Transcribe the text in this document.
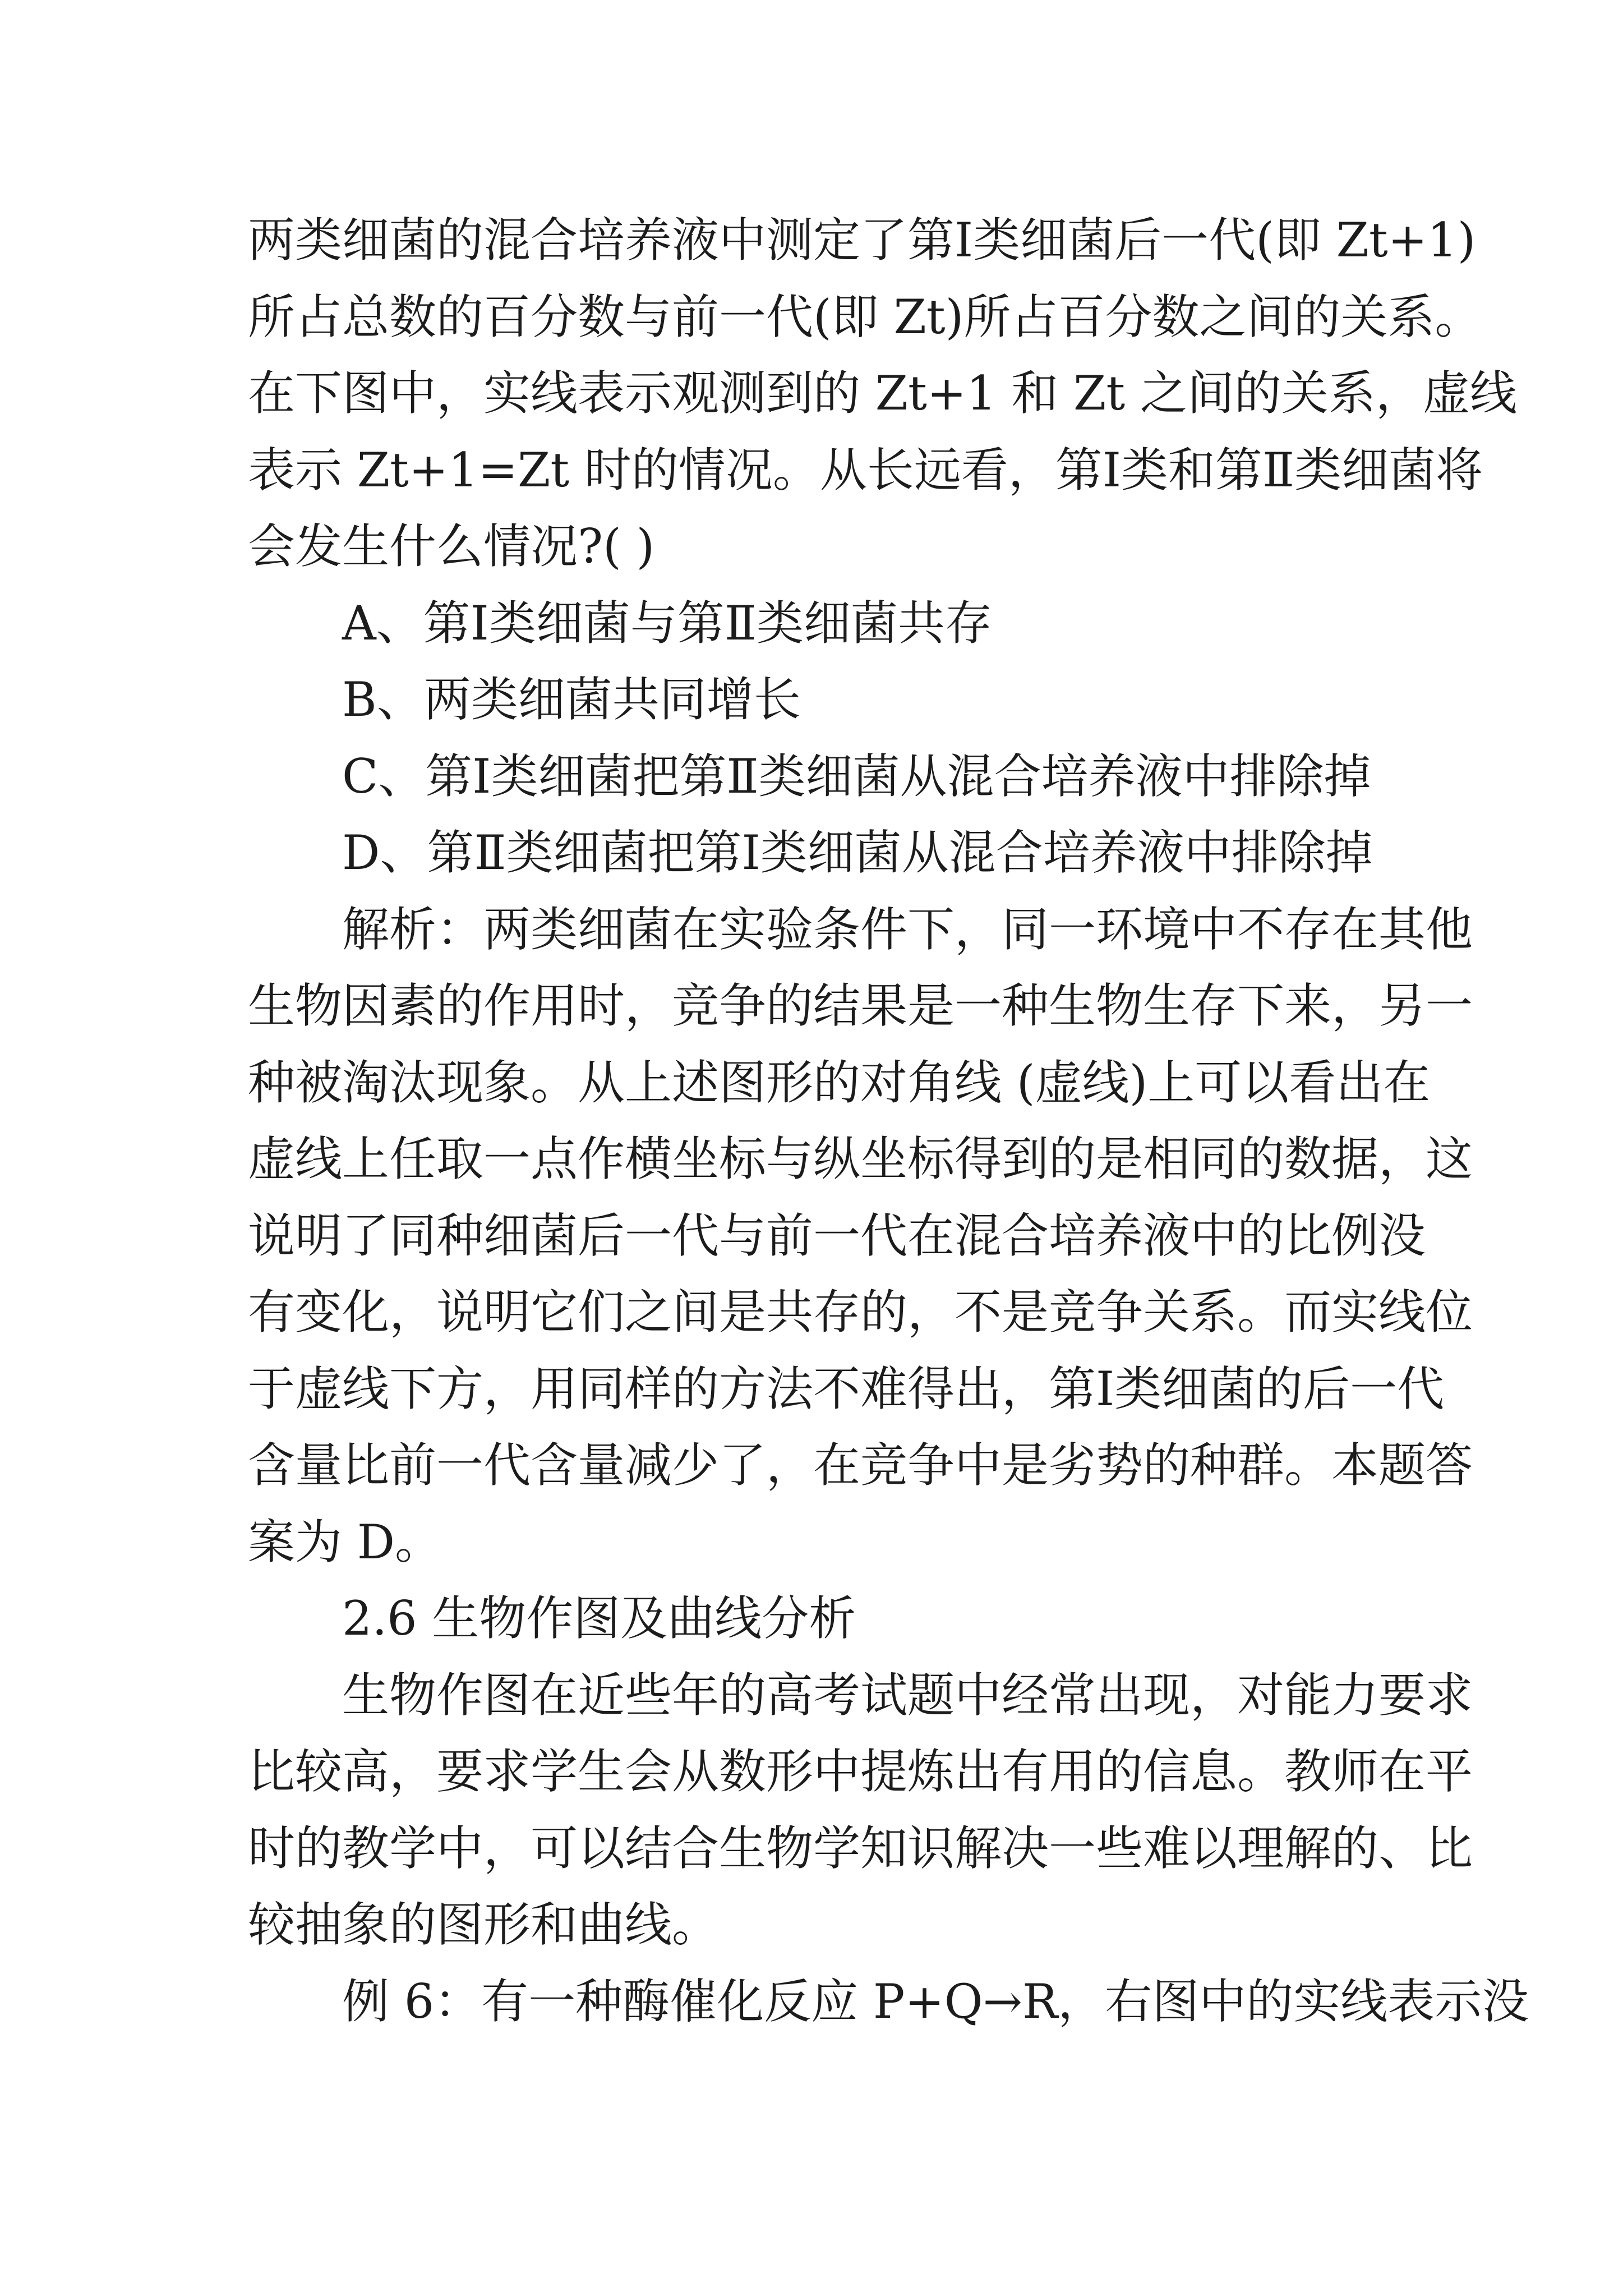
两类细菌的混合培养液中测定了第Ⅰ类细菌后一代(即 Zt+1)
所占总数的百分数与前一代(即 Zt)所占百分数之间的关系。
在下图中，实线表示观测到的 Zt+1 和 Zt 之间的关系，虚线
表示 Zt+1=Zt 时的情况。从长远看，第Ⅰ类和第Ⅱ类细菌将
会发生什么情况?( )
A、第Ⅰ类细菌与第Ⅱ类细菌共存
B、两类细菌共同增长
C、第Ⅰ类细菌把第Ⅱ类细菌从混合培养液中排除掉
D、第Ⅱ类细菌把第Ⅰ类细菌从混合培养液中排除掉
解析：两类细菌在实验条件下，同一环境中不存在其他
生物因素的作用时，竞争的结果是一种生物生存下来，另一
种被淘汰现象。从上述图形的对角线 (虚线)上可以看出在
虚线上任取一点作横坐标与纵坐标得到的是相同的数据，这
说明了同种细菌后一代与前一代在混合培养液中的比例没
有变化，说明它们之间是共存的，不是竞争关系。而实线位
于虚线下方，用同样的方法不难得出，第Ⅰ类细菌的后一代
含量比前一代含量减少了，在竞争中是劣势的种群。本题答
案为 D。
2.6 生物作图及曲线分析
生物作图在近些年的高考试题中经常出现，对能力要求
比较高，要求学生会从数形中提炼出有用的信息。教师在平
时的教学中，可以结合生物学知识解决一些难以理解的、比
较抽象的图形和曲线。
例 6：有一种酶催化反应 P+Q→R，右图中的实线表示没
